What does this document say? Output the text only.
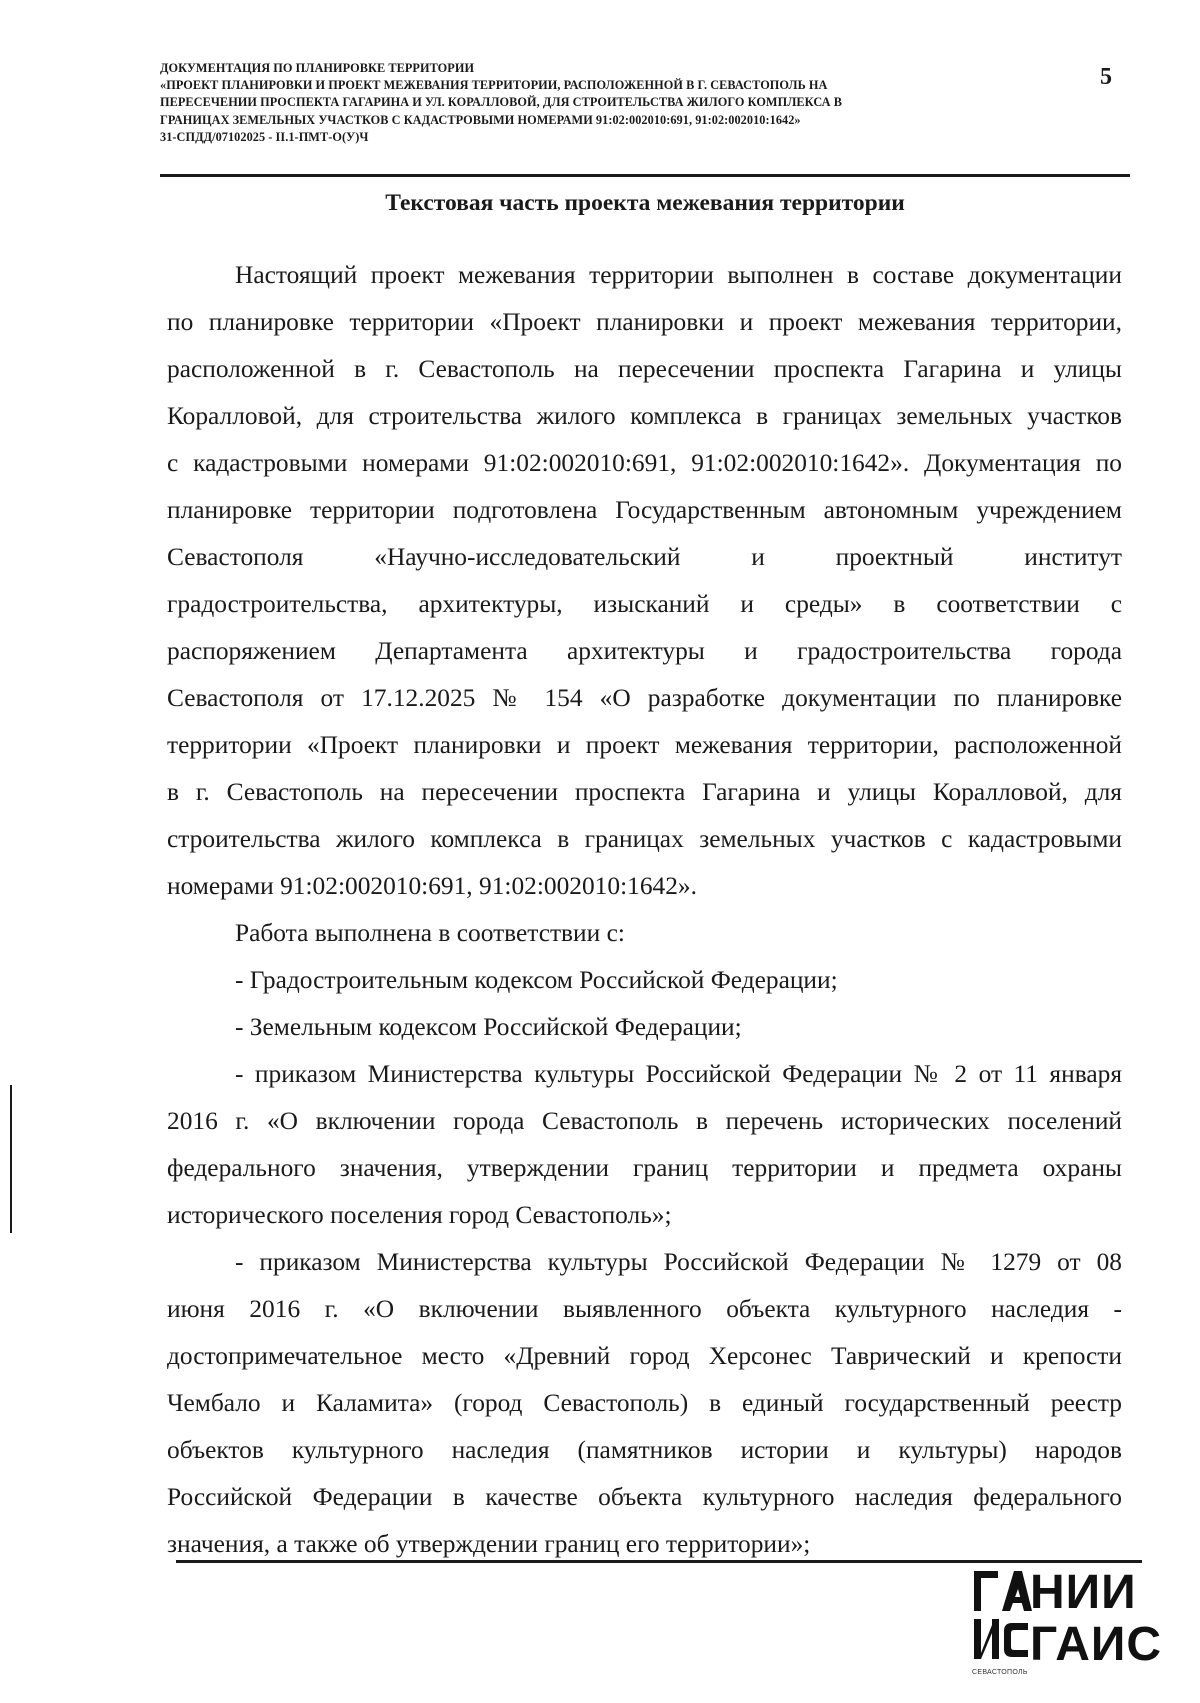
ДОКУМЕНТАЦИЯ ПО ПЛАНИРОВКЕ ТЕРРИТОРИИ
«ПРОЕКТ ПЛАНИРОВКИ И ПРОЕКТ МЕЖЕВАНИЯ ТЕРРИТОРИИ, РАСПОЛОЖЕННОЙ В Г. СЕВАСТОПОЛЬ НА
ПЕРЕСЕЧЕНИИ ПРОСПЕКТА ГАГАРИНА И УЛ. КОРАЛЛОВОЙ, ДЛЯ СТРОИТЕЛЬСТВА ЖИЛОГО КОМПЛЕКСА В
ГРАНИЦАХ ЗЕМЕЛЬНЫХ УЧАСТКОВ С КАДАСТРОВЫМИ НОМЕРАМИ 91:02:002010:691, 91:02:002010:1642»
31-СПДД/07102025 - II.1-ПМТ-О(У)Ч
5
Текстовая часть проекта межевания территории

Настоящий проект межевания территории выполнен в составе документации

по планировке территории «Проект планировки и проект межевания территории,

расположенной в г. Севастополь на пересечении проспекта Гагарина и улицы

Коралловой, для строительства жилого комплекса в границах земельных участков

с кадастровыми номерами 91:02:002010:691, 91:02:002010:1642». Документация по

планировке территории подготовлена Государственным автономным учреждением

Севастополя «Научно-исследовательский и проектный институт

градостроительства, архитектуры, изысканий и среды» в соответствии с

распоряжением Департамента архитектуры и градостроительства города

Севастополя от 17.12.2025 № 154 «О разработке документации по планировке

территории «Проект планировки и проект межевания территории, расположенной

в г. Севастополь на пересечении проспекта Гагарина и улицы Коралловой, для

строительства жилого комплекса в границах земельных участков с кадастровыми

номерами 91:02:002010:691, 91:02:002010:1642».

Работа выполнена в соответствии с:

- Градостроительным кодексом Российской Федерации;

- Земельным кодексом Российской Федерации;

- приказом Министерства культуры Российской Федерации № 2 от 11 января

2016 г. «О включении города Севастополь в перечень исторических поселений

федерального значения, утверждении границ территории и предмета охраны

исторического поселения город Севастополь»;

- приказом Министерства культуры Российской Федерации № 1279 от 08

июня 2016 г. «О включении выявленного объекта культурного наследия -

достопримечательное место «Древний город Херсонес Таврический и крепости

Чембало и Каламита» (город Севастополь) в единый государственный реестр

объектов культурного наследия (памятников истории и культуры) народов

Российской Федерации в качестве объекта культурного наследия федерального

значения, а также об утверждении границ его территории»;

НИИ
ГАИС
СЕВАСТОПОЛЬ
